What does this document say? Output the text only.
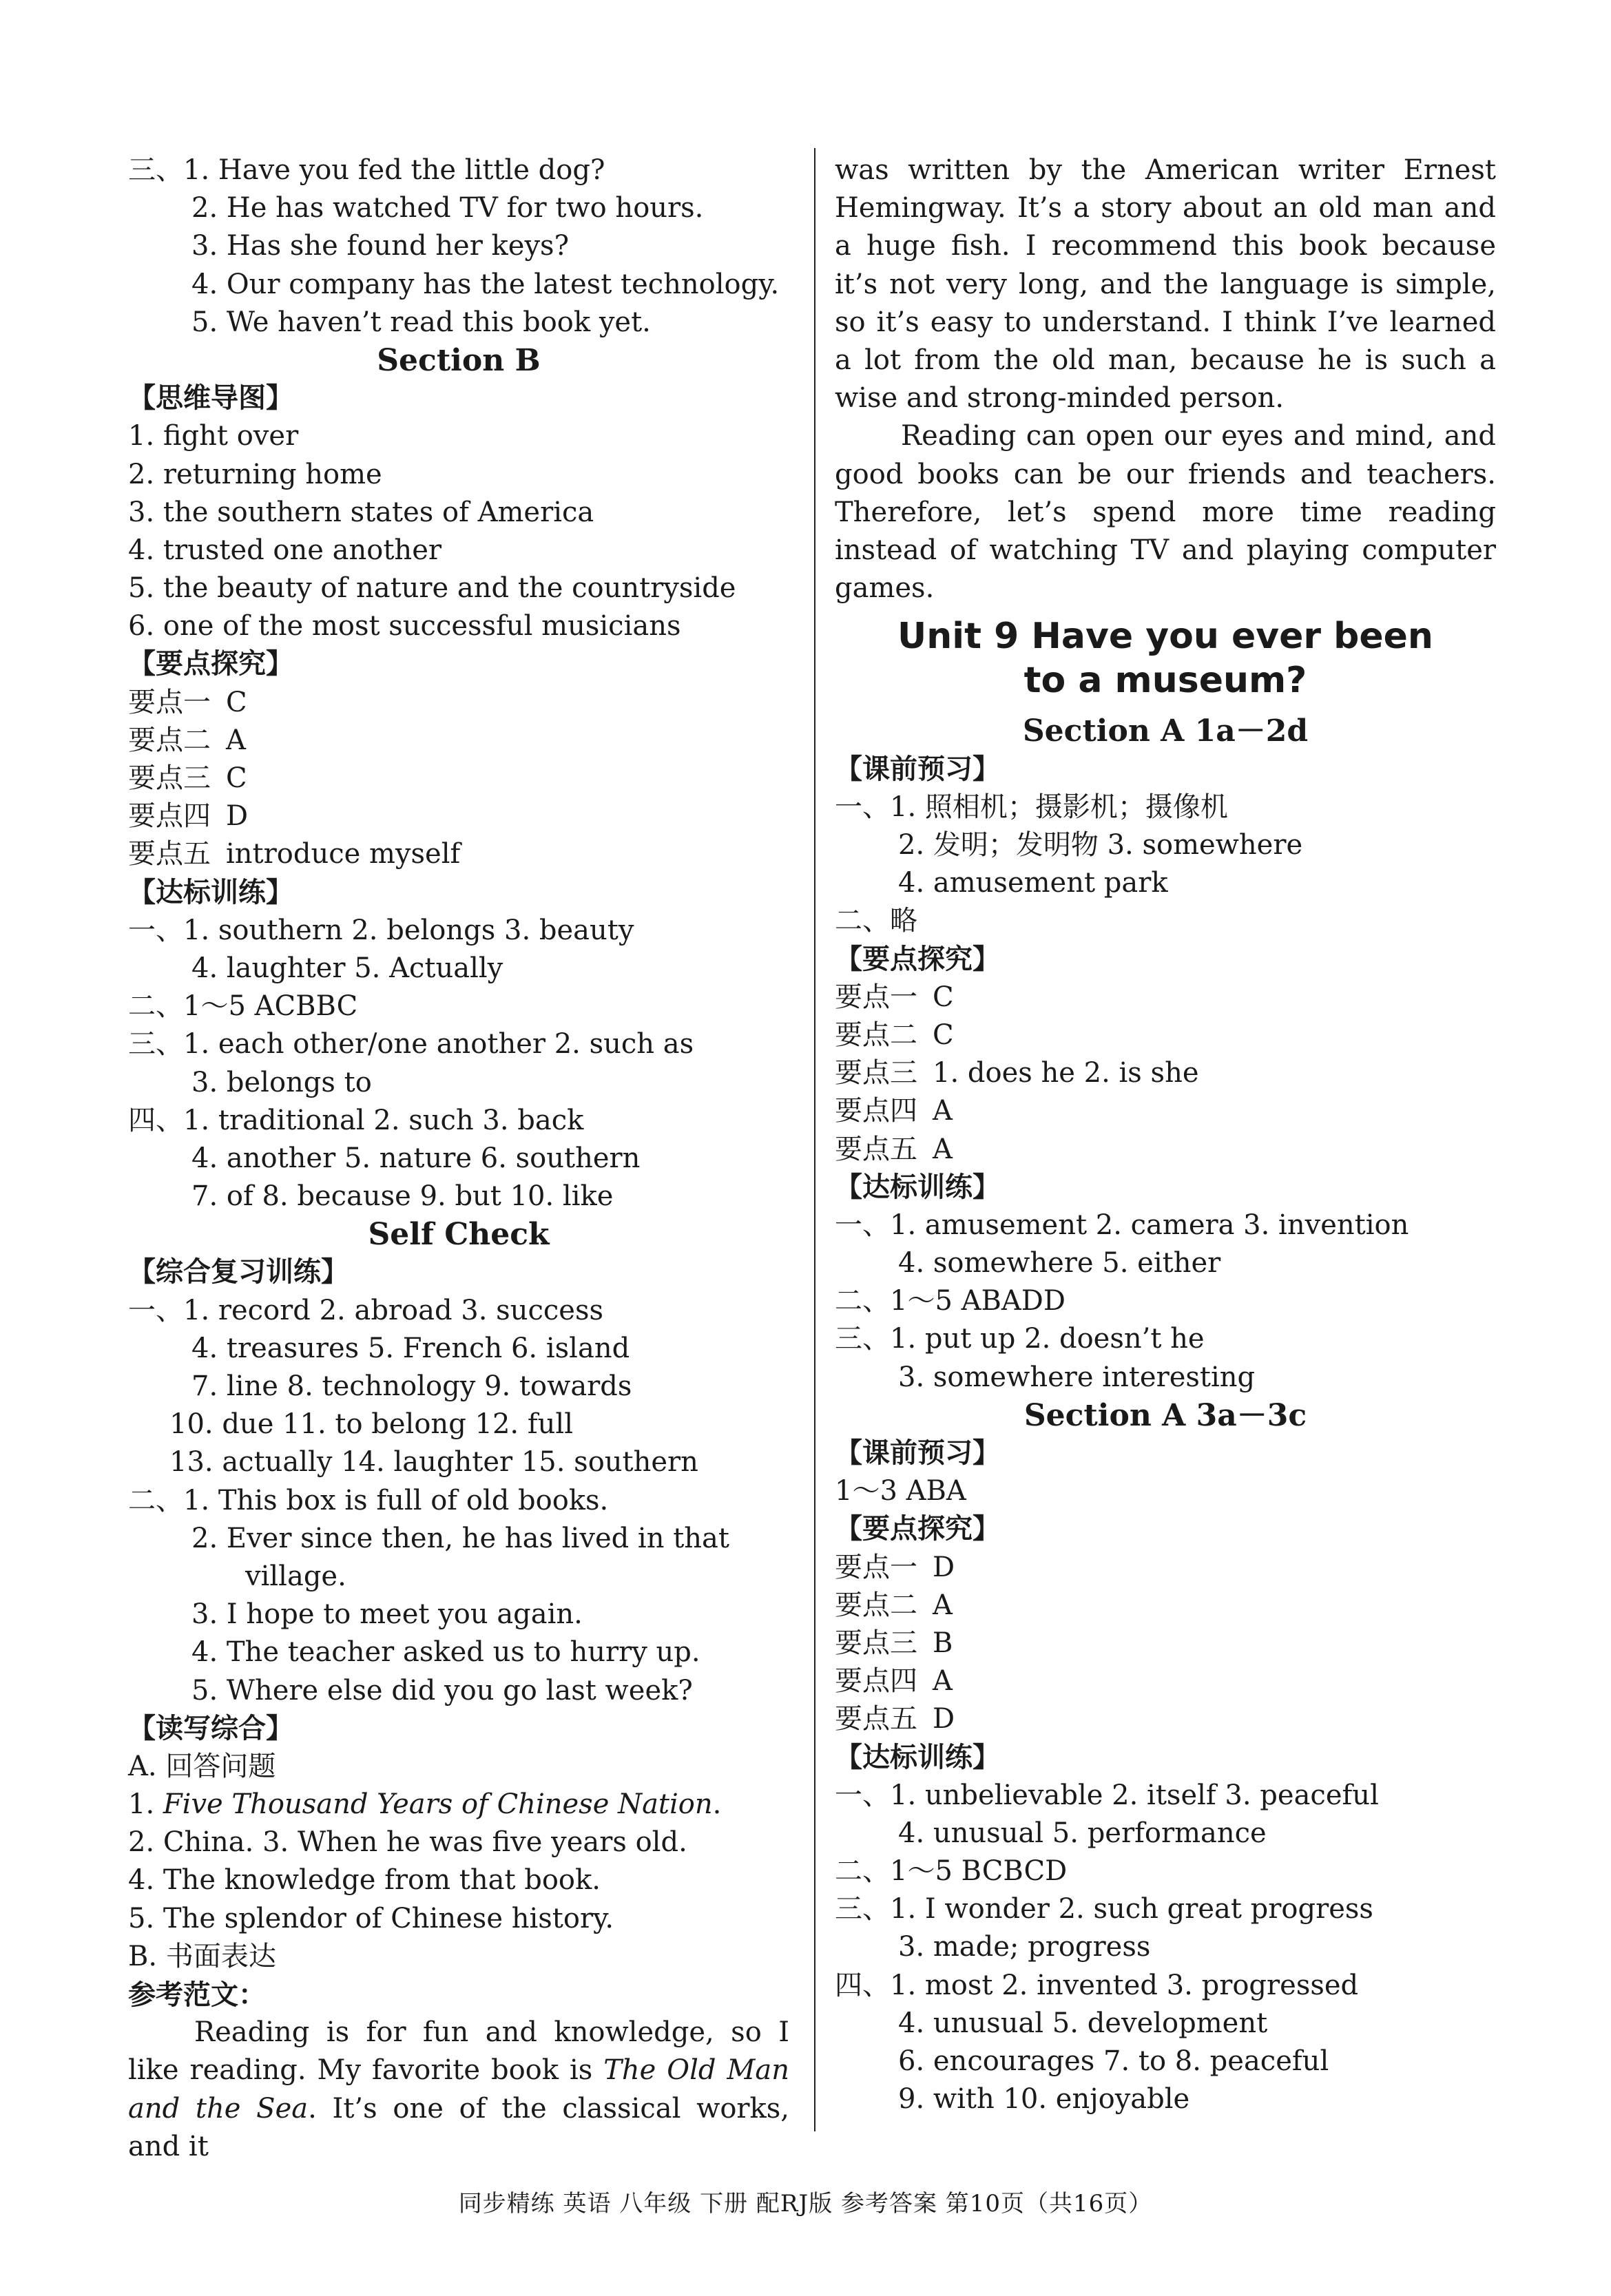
三、1. Have you fed the little dog?
2. He has watched TV for two hours.
3. Has she found her keys?
4. Our company has the latest technology.
5. We haven’t read this book yet.
Section B
【思维导图】
1. fight over
2. returning home
3. the southern states of America
4. trusted one another
5. the beauty of nature and the countryside
6. one of the most successful musicians
【要点探究】
要点一 C
要点二 A
要点三 C
要点四 D
要点五 introduce myself
【达标训练】
一、1. southern 2. belongs 3. beauty
4. laughter 5. Actually
二、1～5 ACBBC
三、1. each other/one another 2. such as
3. belongs to
四、1. traditional 2. such 3. back
4. another 5. nature 6. southern
7. of 8. because 9. but 10. like
Self Check
【综合复习训练】
一、1. record 2. abroad 3. success
4. treasures 5. French 6. island
7. line 8. technology 9. towards
10. due 11. to belong 12. full
13. actually 14. laughter 15. southern
二、1. This box is full of old books.
2. Ever since then, he has lived in that
village.
3. I hope to meet you again.
4. The teacher asked us to hurry up.
5. Where else did you go last week?
【读写综合】
A. 回答问题
1. Five Thousand Years of Chinese Nation.
2. China. 3. When he was five years old.
4. The knowledge from that book.
5. The splendor of Chinese history.
B. 书面表达
参考范文：
Reading is for fun and knowledge, so I like reading. My favorite book is The Old Man and the Sea. It’s one of the classical works, and it
was written by the American writer Ernest Hemingway. It’s a story about an old man and a huge fish. I recommend this book because it’s not very long, and the language is simple, so it’s easy to understand. I think I’ve learned a lot from the old man, because he is such a wise and strong-minded person.
Reading can open our eyes and mind, and good books can be our friends and teachers. Therefore, let’s spend more time reading instead of watching TV and playing computer games.
Unit 9 Have you ever been
to a museum?
Section A 1a－2d
【课前预习】
一、1. 照相机；摄影机；摄像机
2. 发明；发明物 3. somewhere
4. amusement park
二、略
【要点探究】
要点一 C
要点二 C
要点三 1. does he 2. is she
要点四 A
要点五 A
【达标训练】
一、1. amusement 2. camera 3. invention
4. somewhere 5. either
二、1～5 ABADD
三、1. put up 2. doesn’t he
3. somewhere interesting
Section A 3a－3c
【课前预习】
1～3 ABA
【要点探究】
要点一 D
要点二 A
要点三 B
要点四 A
要点五 D
【达标训练】
一、1. unbelievable 2. itself 3. peaceful
4. unusual 5. performance
二、1～5 BCBCD
三、1. I wonder 2. such great progress
3. made; progress
四、1. most 2. invented 3. progressed
4. unusual 5. development
6. encourages 7. to 8. peaceful
9. with 10. enjoyable
同步精练 英语 八年级 下册 配RJ版 参考答案 第10页（共16页）
